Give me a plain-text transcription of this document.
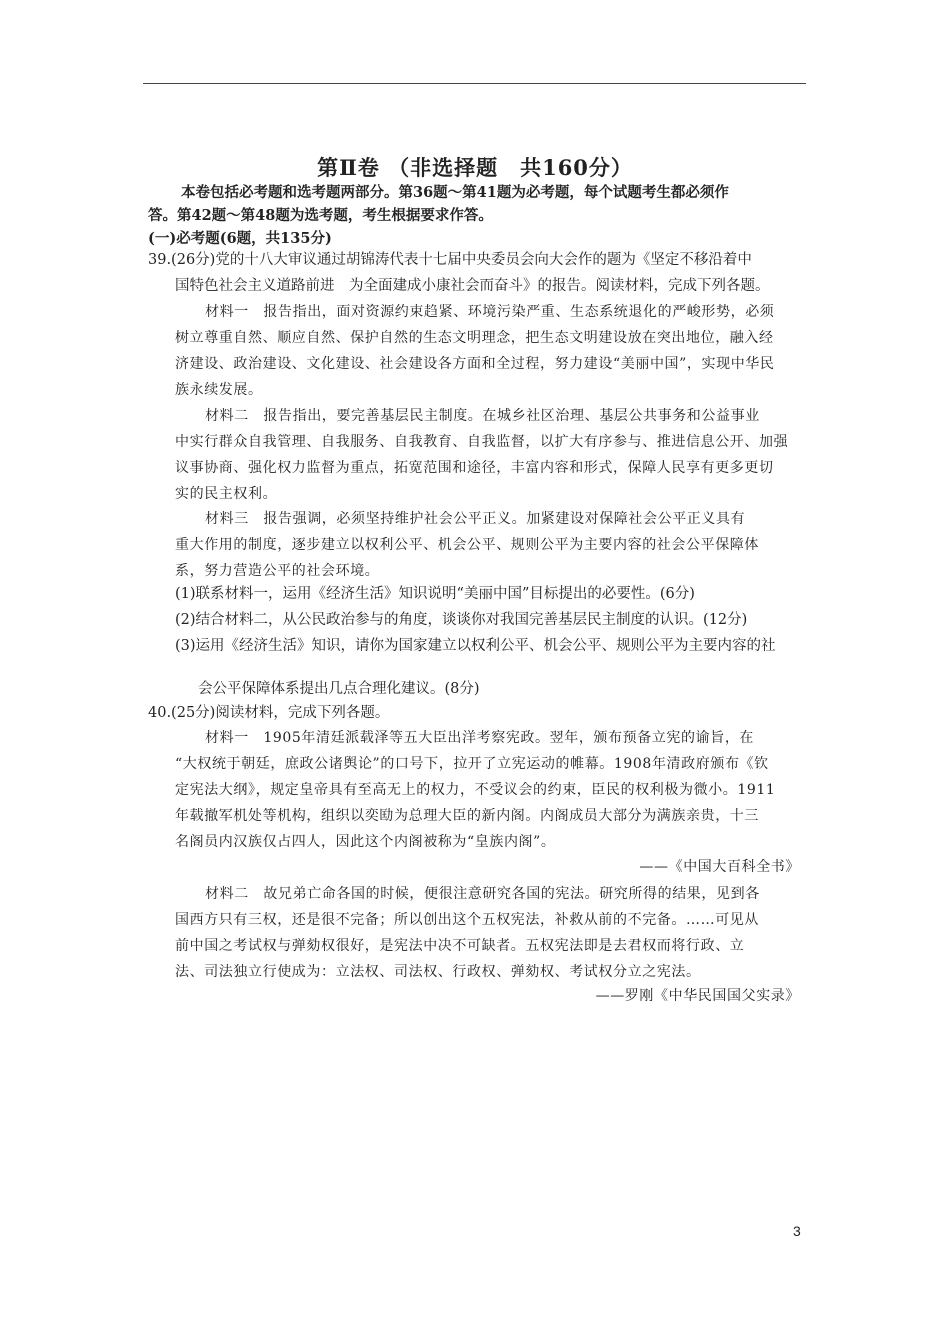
第Ⅱ卷 （非选择题　共160分）
本卷包括必考题和选考题两部分。第36题～第41题为必考题，每个试题考生都必须作
答。第42题～第48题为选考题，考生根据要求作答。
(一)必考题(6题，共135分)
39.(26分)党的十八大审议通过胡锦涛代表十七届中央委员会向大会作的题为《坚定不移沿着中
国特色社会主义道路前进　为全面建成小康社会而奋斗》的报告。阅读材料，完成下列各题。
材料一　报告指出，面对资源约束趋紧、环境污染严重、生态系统退化的严峻形势，必须
树立尊重自然、顺应自然、保护自然的生态文明理念，把生态文明建设放在突出地位，融入经
济建设、政治建设、文化建设、社会建设各方面和全过程，努力建设“美丽中国”，实现中华民
族永续发展。
材料二　报告指出，要完善基层民主制度。在城乡社区治理、基层公共事务和公益事业
中实行群众自我管理、自我服务、自我教育、自我监督，以扩大有序参与、推进信息公开、加强
议事协商、强化权力监督为重点，拓宽范围和途径，丰富内容和形式，保障人民享有更多更切
实的民主权利。
材料三　报告强调，必须坚持维护社会公平正义。加紧建设对保障社会公平正义具有
重大作用的制度，逐步建立以权利公平、机会公平、规则公平为主要内容的社会公平保障体
系，努力营造公平的社会环境。
(1)联系材料一，运用《经济生活》知识说明“美丽中国”目标提出的必要性。(6分)
(2)结合材料二，从公民政治参与的角度，谈谈你对我国完善基层民主制度的认识。(12分)
(3)运用《经济生活》知识，请你为国家建立以权利公平、机会公平、规则公平为主要内容的社
会公平保障体系提出几点合理化建议。(8分)
40.(25分)阅读材料，完成下列各题。
材料一　1905年清廷派载泽等五大臣出洋考察宪政。翌年，颁布预备立宪的谕旨，在
“大权统于朝廷，庶政公诸舆论”的口号下，拉开了立宪运动的帷幕。1908年清政府颁布《钦
定宪法大纲》，规定皇帝具有至高无上的权力，不受议会的约束，臣民的权利极为微小。1911
年载撤军机处等机构，组织以奕劻为总理大臣的新内阁。内阁成员大部分为满族亲贵，十三
名阁员内汉族仅占四人，因此这个内阁被称为“皇族内阁”。
——《中国大百科全书》
材料二　故兄弟亡命各国的时候，便很注意研究各国的宪法。研究所得的结果，见到各
国西方只有三权，还是很不完备；所以创出这个五权宪法，补救从前的不完备。……可见从
前中国之考试权与弹劾权很好，是宪法中决不可缺者。五权宪法即是去君权而将行政、立
法、司法独立行使成为：立法权、司法权、行政权、弹劾权、考试权分立之宪法。
——罗刚《中华民国国父实录》
3
